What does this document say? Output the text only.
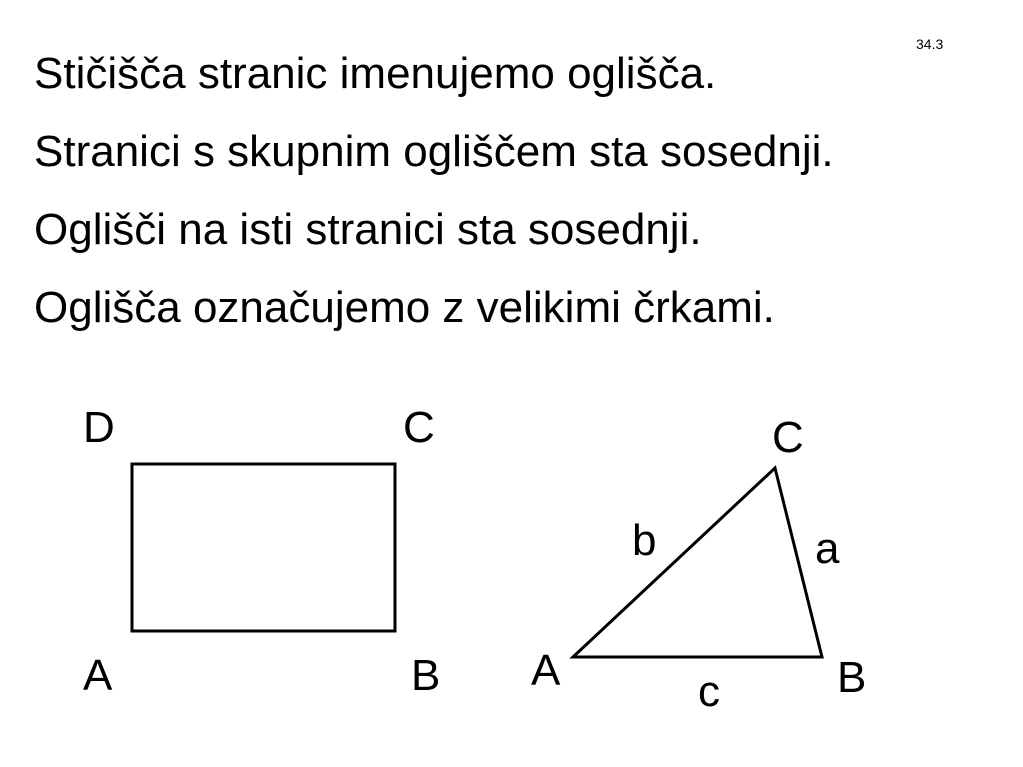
34.3
Stičišča stranic imenujemo oglišča.
Stranici s skupnim ogliščem sta sosednji.
Oglišči na isti stranici sta sosednji.
Oglišča označujemo z velikimi črkami.
D	C
A	B
C
A	B
b	a
c
